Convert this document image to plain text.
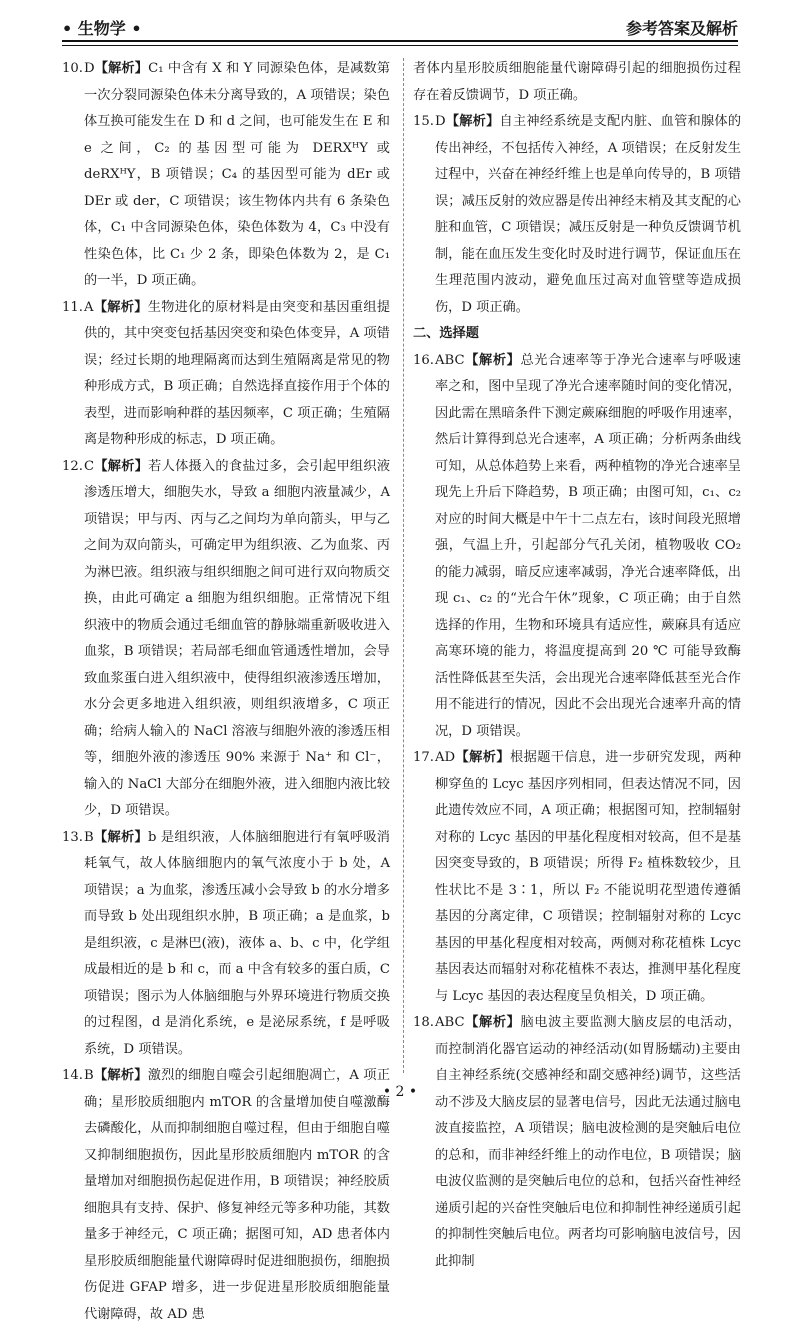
• 生物学 •	参考答案及解析

10. D【解析】C₁ 中含有 X 和 Y 同源染色体，是减数第一次分裂同源染色体未分离导致的，A 项错误；染色体互换可能发生在 D 和 d 之间，也可能发生在 E 和 e 之间，C₂ 的基因型可能为 DERXᴴY 或 deRXᴴY，B 项错误；C₄ 的基因型可能为 dEr 或 DEr 或 der，C 项错误；该生物体内共有 6 条染色体，C₁ 中含同源染色体，染色体数为 4，C₃ 中没有性染色体，比 C₁ 少 2 条，即染色体数为 2，是 C₁ 的一半，D 项正确。

11. A【解析】生物进化的原材料是由突变和基因重组提供的，其中突变包括基因突变和染色体变异，A 项错误；经过长期的地理隔离而达到生殖隔离是常见的物种形成方式，B 项正确；自然选择直接作用于个体的表型，进而影响种群的基因频率，C 项正确；生殖隔离是物种形成的标志，D 项正确。

12. C【解析】若人体摄入的食盐过多，会引起甲组织液渗透压增大，细胞失水，导致 a 细胞内液量减少，A 项错误；甲与丙、丙与乙之间均为单向箭头，甲与乙之间为双向箭头，可确定甲为组织液、乙为血浆、丙为淋巴液。组织液与组织细胞之间可进行双向物质交换，由此可确定 a 细胞为组织细胞。正常情况下组织液中的物质会通过毛细血管的静脉端重新吸收进入血浆，B 项错误；若局部毛细血管通透性增加，会导致血浆蛋白进入组织液中，使得组织液渗透压增加，水分会更多地进入组织液，则组织液增多，C 项正确；给病人输入的 NaCl 溶液与细胞外液的渗透压相等，细胞外液的渗透压 90% 来源于 Na⁺ 和 Cl⁻，输入的 NaCl 大部分在细胞外液，进入细胞内液比较少，D 项错误。

13. B【解析】b 是组织液，人体脑细胞进行有氧呼吸消耗氧气，故人体脑细胞内的氧气浓度小于 b 处，A 项错误；a 为血浆，渗透压减小会导致 b 的水分增多而导致 b 处出现组织水肿，B 项正确；a 是血浆，b 是组织液，c 是淋巴(液)，液体 a、b、c 中，化学组成最相近的是 b 和 c，而 a 中含有较多的蛋白质，C 项错误；图示为人体脑细胞与外界环境进行物质交换的过程图，d 是消化系统，e 是泌尿系统，f 是呼吸系统，D 项错误。

14. B【解析】激烈的细胞自噬会引起细胞凋亡，A 项正确；星形胶质细胞内 mTOR 的含量增加使自噬激酶去磷酸化，从而抑制细胞自噬过程，但由于细胞自噬又抑制细胞损伤，因此星形胶质细胞内 mTOR 的含量增加对细胞损伤起促进作用，B 项错误；神经胶质细胞具有支持、保护、修复神经元等多种功能，其数量多于神经元，C 项正确；据图可知，AD 患者体内星形胶质细胞能量代谢障碍时促进细胞损伤，细胞损伤促进 GFAP 增多，进一步促进星形胶质细胞能量代谢障碍，故 AD 患

者体内星形胶质细胞能量代谢障碍引起的细胞损伤过程存在着反馈调节，D 项正确。

15. D【解析】自主神经系统是支配内脏、血管和腺体的传出神经，不包括传入神经，A 项错误；在反射发生过程中，兴奋在神经纤维上也是单向传导的，B 项错误；减压反射的效应器是传出神经末梢及其支配的心脏和血管，C 项错误；减压反射是一种负反馈调节机制，能在血压发生变化时及时进行调节，保证血压在生理范围内波动，避免血压过高对血管壁等造成损伤，D 项正确。

二、选择题

16. ABC【解析】总光合速率等于净光合速率与呼吸速率之和，图中呈现了净光合速率随时间的变化情况，因此需在黑暗条件下测定蕨麻细胞的呼吸作用速率，然后计算得到总光合速率，A 项正确；分析两条曲线可知，从总体趋势上来看，两种植物的净光合速率呈现先上升后下降趋势，B 项正确；由图可知，c₁、c₂ 对应的时间大概是中午十二点左右，该时间段光照增强，气温上升，引起部分气孔关闭，植物吸收 CO₂ 的能力减弱，暗反应速率减弱，净光合速率降低，出现 c₁、c₂ 的“光合午休”现象，C 项正确；由于自然选择的作用，生物和环境具有适应性，蕨麻具有适应高寒环境的能力，将温度提高到 20 ℃ 可能导致酶活性降低甚至失活，会出现光合速率降低甚至光合作用不能进行的情况，因此不会出现光合速率升高的情况，D 项错误。

17. AD【解析】根据题干信息，进一步研究发现，两种柳穿鱼的 Lcyc 基因序列相同，但表达情况不同，因此遗传效应不同，A 项正确；根据图可知，控制辐射对称的 Lcyc 基因的甲基化程度相对较高，但不是基因突变导致的，B 项错误；所得 F₂ 植株数较少，且性状比不是 3∶1，所以 F₂ 不能说明花型遗传遵循基因的分离定律，C 项错误；控制辐射对称的 Lcyc 基因的甲基化程度相对较高，两侧对称花植株 Lcyc 基因表达而辐射对称花植株不表达，推测甲基化程度与 Lcyc 基因的表达程度呈负相关，D 项正确。

18. ABC【解析】脑电波主要监测大脑皮层的电活动，而控制消化器官运动的神经活动(如胃肠蠕动)主要由自主神经系统(交感神经和副交感神经)调节，这些活动不涉及大脑皮层的显著电信号，因此无法通过脑电波直接监控，A 项错误；脑电波检测的是突触后电位的总和，而非神经纤维上的动作电位，B 项错误；脑电波仪监测的是突触后电位的总和，包括兴奋性神经递质引起的兴奋性突触后电位和抑制性神经递质引起的抑制性突触后电位。两者均可影响脑电波信号，因此抑制

• 2 •
